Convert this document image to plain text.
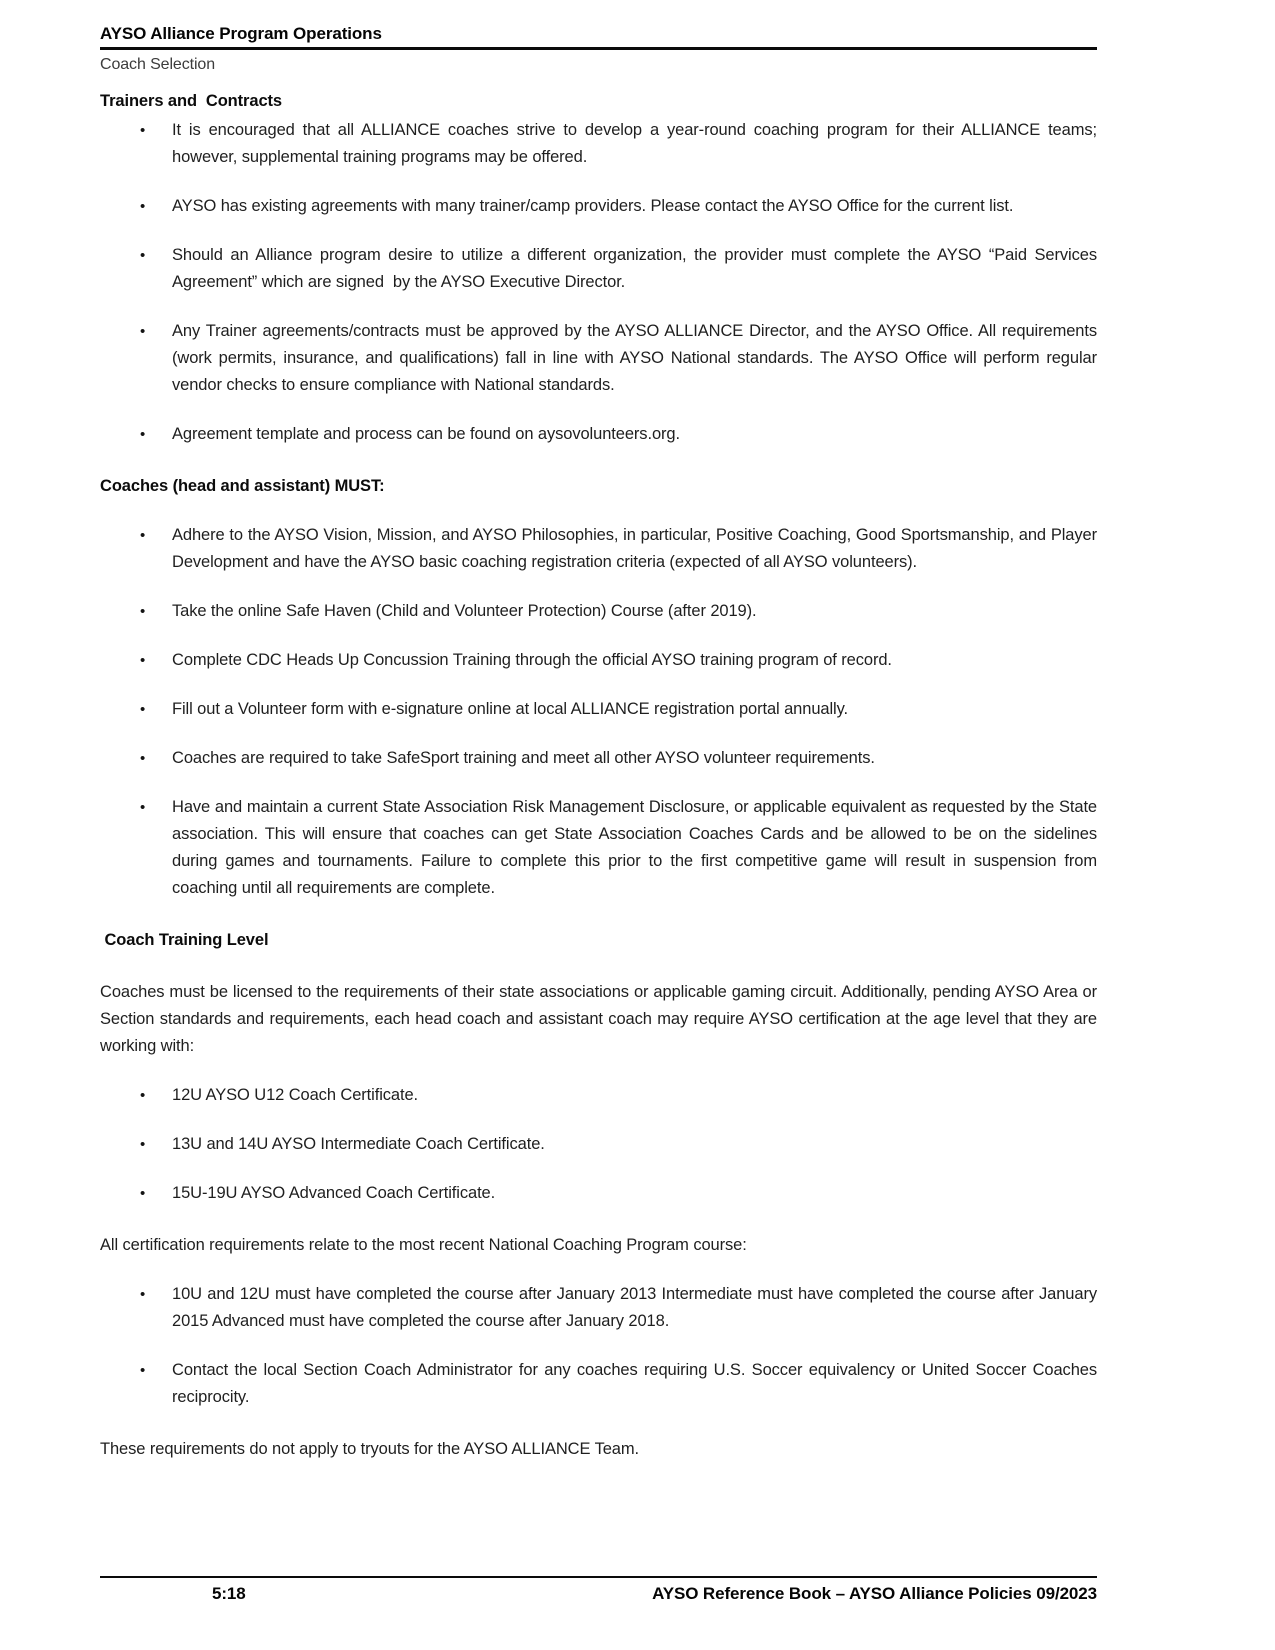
AYSO Alliance Program Operations
Coach Selection
Trainers and  Contracts
•	It is encouraged that all ALLIANCE coaches strive to develop a year-round coaching program for their ALLIANCE teams; however, supplemental training programs may be offered.
•	AYSO has existing agreements with many trainer/camp providers. Please contact the AYSO Office for the current list.
•	Should an Alliance program desire to utilize a different organization, the provider must complete the AYSO “Paid Services Agreement” which are signed  by the AYSO Executive Director.
•	Any Trainer agreements/contracts must be approved by the AYSO ALLIANCE Director, and the AYSO Office. All requirements (work permits, insurance, and qualifications) fall in line with AYSO National standards. The AYSO Office will perform regular vendor checks to ensure compliance with National standards.
•	Agreement template and process can be found on aysovolunteers.org.
Coaches (head and assistant) MUST:
•	Adhere to the AYSO Vision, Mission, and AYSO Philosophies, in particular, Positive Coaching, Good Sportsmanship, and Player Development and have the AYSO basic coaching registration criteria (expected of all AYSO volunteers).
•	Take the online Safe Haven (Child and Volunteer Protection) Course (after 2019).
•	Complete CDC Heads Up Concussion Training through the official AYSO training program of record.
•	Fill out a Volunteer form with e-signature online at local ALLIANCE registration portal annually.
•	Coaches are required to take SafeSport training and meet all other AYSO volunteer requirements.
•	Have and maintain a current State Association Risk Management Disclosure, or applicable equivalent as requested by the State association. This will ensure that coaches can get State Association Coaches Cards and be allowed to be on the sidelines during games and tournaments. Failure to complete this prior to the first competitive game will result in suspension from coaching until all requirements are complete.
Coach Training Level
Coaches must be licensed to the requirements of their state associations or applicable gaming circuit. Additionally, pending AYSO Area or Section standards and requirements, each head coach and assistant coach may require AYSO certification at the age level that they are working with:
•	12U AYSO U12 Coach Certificate.
•	13U and 14U AYSO Intermediate Coach Certificate.
•	15U-19U AYSO Advanced Coach Certificate.
All certification requirements relate to the most recent National Coaching Program course:
•	10U and 12U must have completed the course after January 2013 Intermediate must have completed the course after January 2015 Advanced must have completed the course after January 2018.
•	Contact the local Section Coach Administrator for any coaches requiring U.S. Soccer equivalency or United Soccer Coaches reciprocity.
These requirements do not apply to tryouts for the AYSO ALLIANCE Team.
5:18	AYSO Reference Book – AYSO Alliance Policies 09/2023
